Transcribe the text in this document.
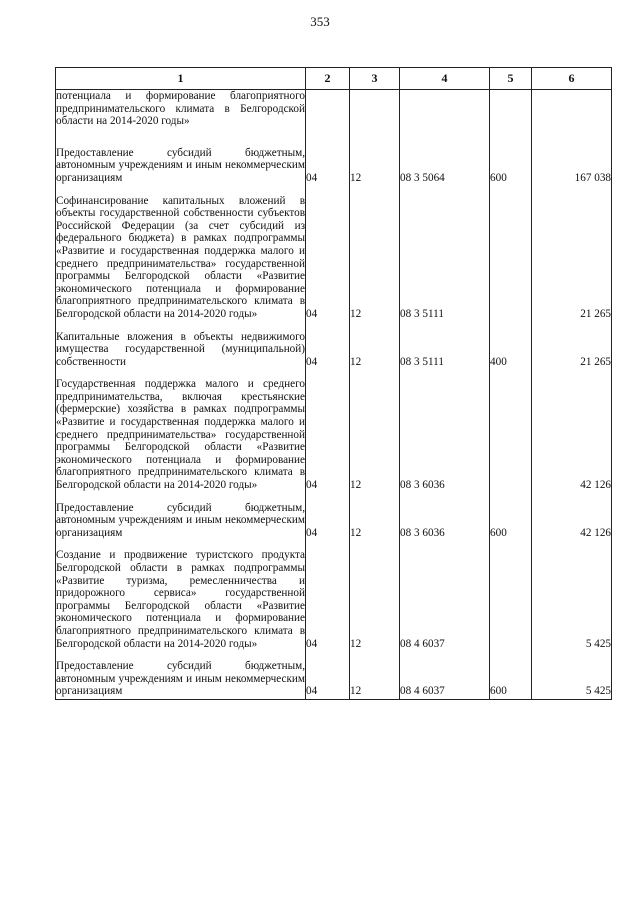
353
1	2	3	4	5	6

потенциала и формирование благоприятного предпринимательского климата в Белгородской области на 2014-2020 годы»					

Предоставление субсидий бюджетным, автономным учреждениям и иным некоммерческим организациям	04	12	08 3 5064	600	167 038

Софинансирование капитальных вложений в объекты государственной собственности субъектов Российской Федерации (за счет субсидий из федерального бюджета) в рамках подпрограммы «Развитие и государственная поддержка малого и среднего предпринимательства» государственной программы Белгородской области «Развитие экономического потенциала и формирование благоприятного предпринимательского климата в Белгородской области на 2014-2020 годы»	04	12	08 3 5111		21 265

Капитальные вложения в объекты недвижимого имущества государственной (муниципальной) собственности	04	12	08 3 5111	400	21 265

Государственная поддержка малого и среднего предпринимательства, включая крестьянские (фермерские) хозяйства в рамках подпрограммы «Развитие и государственная поддержка малого и среднего предпринимательства» государственной программы Белгородской области «Развитие экономического потенциала и формирование благоприятного предпринимательского климата в Белгородской области на 2014-2020 годы»	04	12	08 3 6036		42 126

Предоставление субсидий бюджетным, автономным учреждениям и иным некоммерческим организациям	04	12	08 3 6036	600	42 126

Создание и продвижение туристского продукта Белгородской области в рамках подпрограммы «Развитие туризма, ремесленничества и придорожного сервиса» государственной программы Белгородской области «Развитие экономического потенциала и формирование благоприятного предпринимательского климата в Белгородской области на 2014-2020 годы»	04	12	08 4 6037		5 425

Предоставление субсидий бюджетным, автономным учреждениям и иным некоммерческим организациям	04	12	08 4 6037	600	5 425
